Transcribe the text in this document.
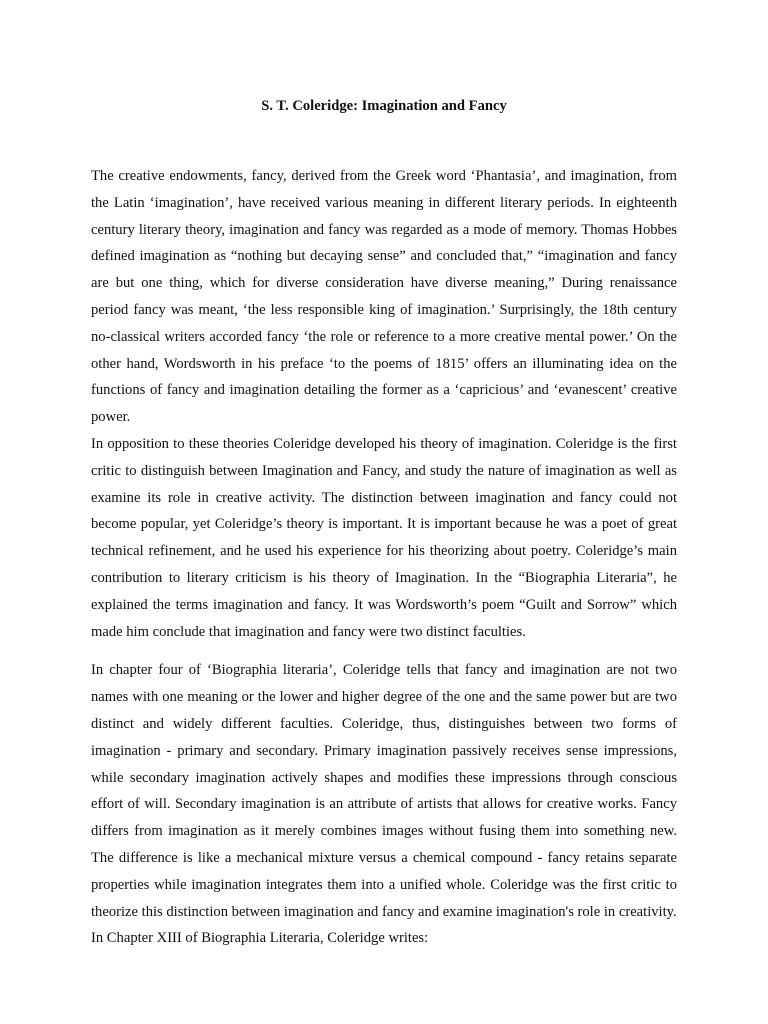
S. T. Coleridge: Imagination and Fancy

The creative endowments, fancy, derived from the Greek word ‘Phantasia’, and imagination, from the Latin ‘imagination’, have received various meaning in different literary periods. In eighteenth century literary theory, imagination and fancy was regarded as a mode of memory. Thomas Hobbes defined imagination as “nothing but decaying sense” and concluded that,” “imagination and fancy are but one thing, which for diverse consideration have diverse meaning,” During renaissance period fancy was meant, ‘the less responsible king of imagination.’ Surprisingly, the 18th century no-classical writers accorded fancy ‘the role or reference to a more creative mental power.’ On the other hand, Wordsworth in his preface ‘to the poems of 1815’ offers an illuminating idea on the functions of fancy and imagination detailing the former as a ‘capricious’ and ‘evanescent’ creative power.

In opposition to these theories Coleridge developed his theory of imagination. Coleridge is the first critic to distinguish between Imagination and Fancy, and study the nature of imagination as well as examine its role in creative activity. The distinction between imagination and fancy could not become popular, yet Coleridge’s theory is important. It is important because he was a poet of great technical refinement, and he used his experience for his theorizing about poetry. Coleridge’s main contribution to literary criticism is his theory of Imagination. In the “Biographia Literaria”, he explained the terms imagination and fancy. It was Wordsworth’s poem “Guilt and Sorrow” which made him conclude that imagination and fancy were two distinct faculties.

In chapter four of ‘Biographia literaria’, Coleridge tells that fancy and imagination are not two names with one meaning or the lower and higher degree of the one and the same power but are two distinct and widely different faculties. Coleridge, thus, distinguishes between two forms of imagination - primary and secondary. Primary imagination passively receives sense impressions, while secondary imagination actively shapes and modifies these impressions through conscious effort of will. Secondary imagination is an attribute of artists that allows for creative works. Fancy differs from imagination as it merely combines images without fusing them into something new. The difference is like a mechanical mixture versus a chemical compound - fancy retains separate properties while imagination integrates them into a unified whole. Coleridge was the first critic to theorize this distinction between imagination and fancy and examine imagination's role in creativity.

In Chapter XIII of Biographia Literaria, Coleridge writes:
